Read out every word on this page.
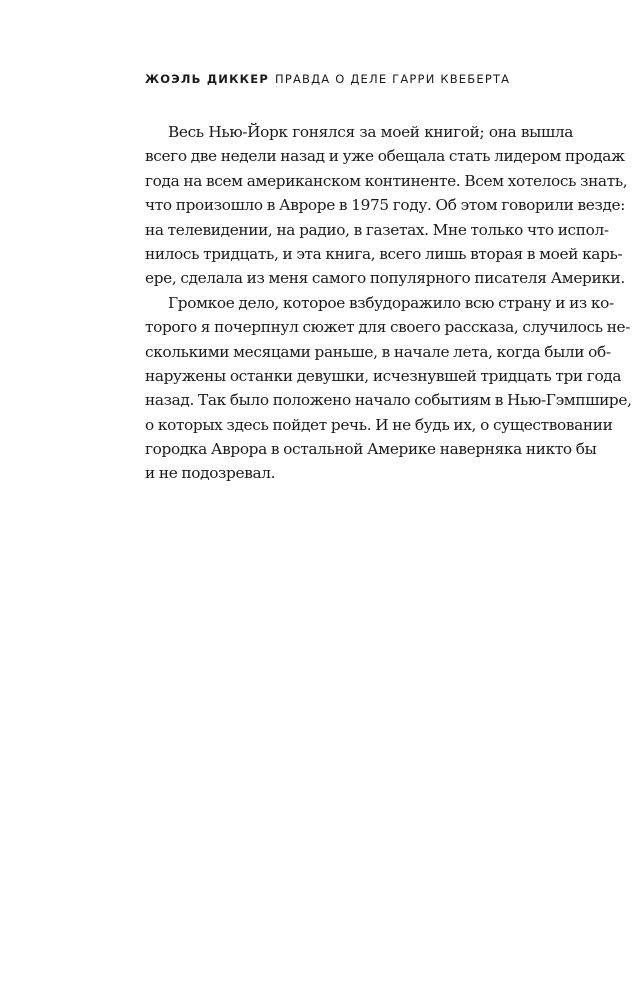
ЖОЭЛЬ ДИККЕР ПРАВДА О ДЕЛЕ ГАРРИ КВЕБЕРТА
Весь Нью-Йорк гонялся за моей книгой; она вышла
всего две недели назад и уже обещала стать лидером продаж
года на всем американском континенте. Всем хотелось знать,
что произошло в Авроре в 1975 году. Об этом говорили везде:
на телевидении, на радио, в газетах. Мне только что испол-
нилось тридцать, и эта книга, всего лишь вторая в моей карь-
ере, сделала из меня самого популярного писателя Америки.
Громкое дело, которое взбудоражило всю страну и из ко-
торого я почерпнул сюжет для своего рассказа, случилось не-
сколькими месяцами раньше, в начале лета, когда были об-
наружены останки девушки, исчезнувшей тридцать три года
назад. Так было положено начало событиям в Нью-Гэмпшире,
о которых здесь пойдет речь. И не будь их, о существовании
городка Аврора в остальной Америке наверняка никто бы
и не подозревал.
